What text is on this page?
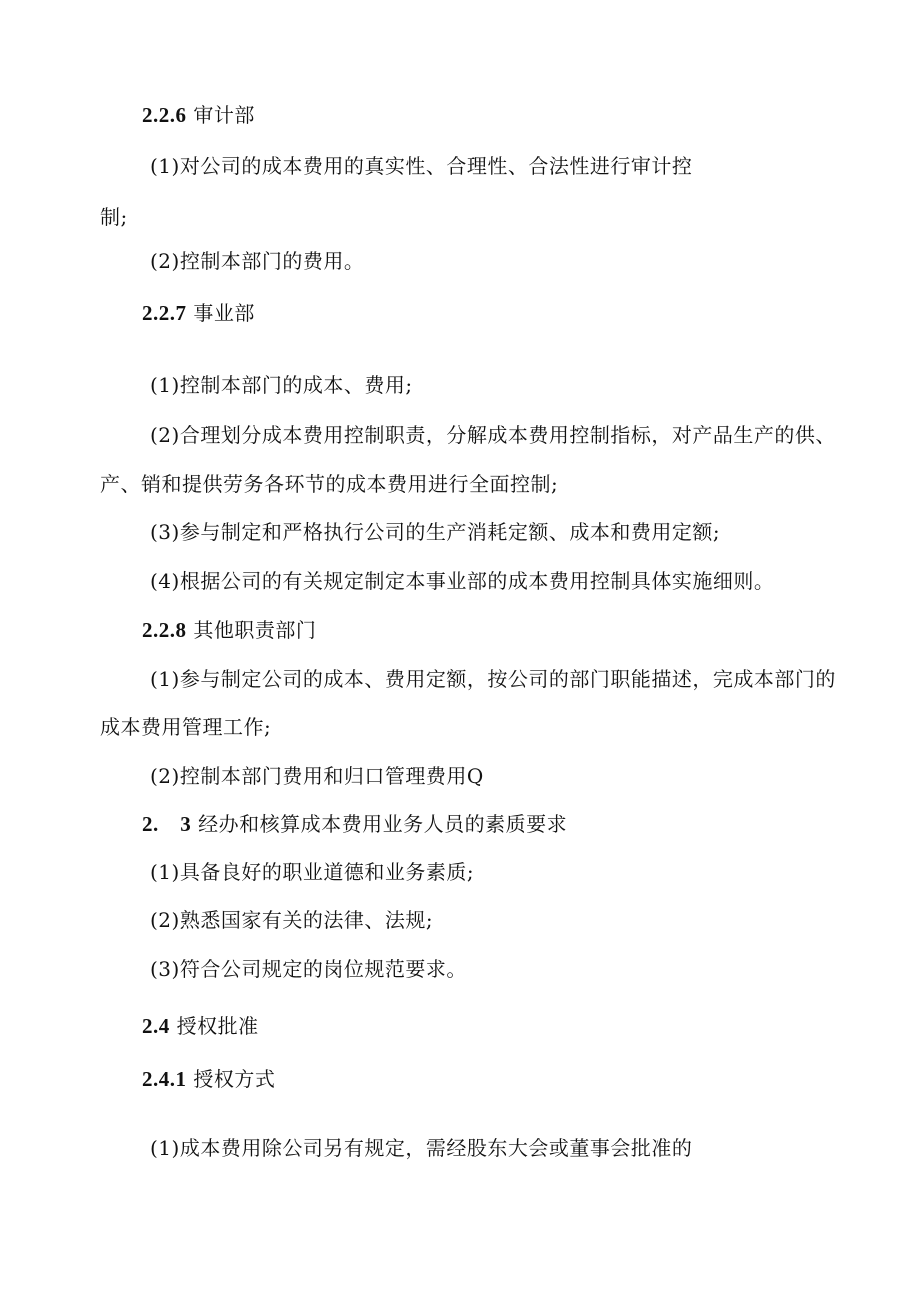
2.2.6 审计部

(1)对公司的成本费用的真实性、合理性、合法性进行审计控

制;

(2)控制本部门的费用。

2.2.7 事业部

(1)控制本部门的成本、费用;

(2)合理划分成本费用控制职责，分解成本费用控制指标，对产品生产的供、

产、销和提供劳务各环节的成本费用进行全面控制;

(3)参与制定和严格执行公司的生产消耗定额、成本和费用定额;

(4)根据公司的有关规定制定本事业部的成本费用控制具体实施细则。

2.2.8 其他职责部门

(1)参与制定公司的成本、费用定额，按公司的部门职能描述，完成本部门的

成本费用管理工作;

(2)控制本部门费用和归口管理费用Q

2.　3 经办和核算成本费用业务人员的素质要求

(1)具备良好的职业道德和业务素质;

(2)熟悉国家有关的法律、法规;

(3)符合公司规定的岗位规范要求。

2.4 授权批准

2.4.1 授权方式

(1)成本费用除公司另有规定，需经股东大会或董事会批准的
